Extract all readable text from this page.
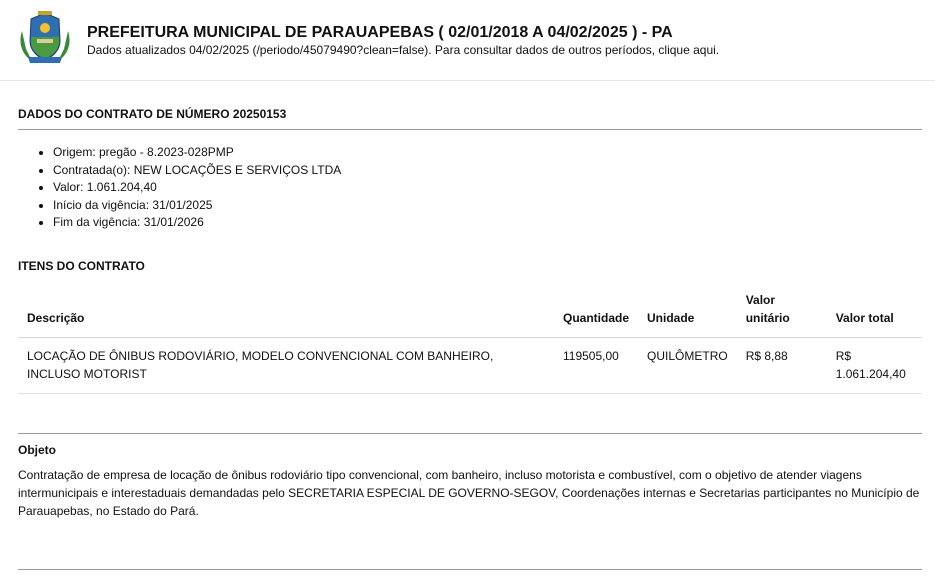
PREFEITURA MUNICIPAL DE PARAUAPEBAS ( 02/01/2018 A 04/02/2025 ) - PA
Dados atualizados 04/02/2025 (/periodo/45079490?clean=false). Para consultar dados de outros períodos, clique aqui.
DADOS DO CONTRATO DE NÚMERO 20250153
• Origem: pregão - 8.2023-028PMP
• Contratada(o): NEW LOCAÇÕES E SERVIÇOS LTDA
• Valor: 1.061.204,40
• Início da vigência: 31/01/2025
• Fim da vigência: 31/01/2026
ITENS DO CONTRATO
Descrição	Quantidade	Unidade	Valor unitário	Valor total
LOCAÇÃO DE ÔNIBUS RODOVIÁRIO, MODELO CONVENCIONAL COM BANHEIRO, INCLUSO MOTORIST	119505,00	QUILÔMETRO	R$ 8,88	R$ 1.061.204,40
Objeto

Contratação de empresa de locação de ônibus rodoviário tipo convencional, com banheiro, incluso motorista e combustível, com o objetivo de atender viagens intermunicipais e interestaduais demandadas pelo SECRETARIA ESPECIAL DE GOVERNO-SEGOV, Coordenações internas e Secretarias participantes no Município de Parauapebas, no Estado do Pará.
